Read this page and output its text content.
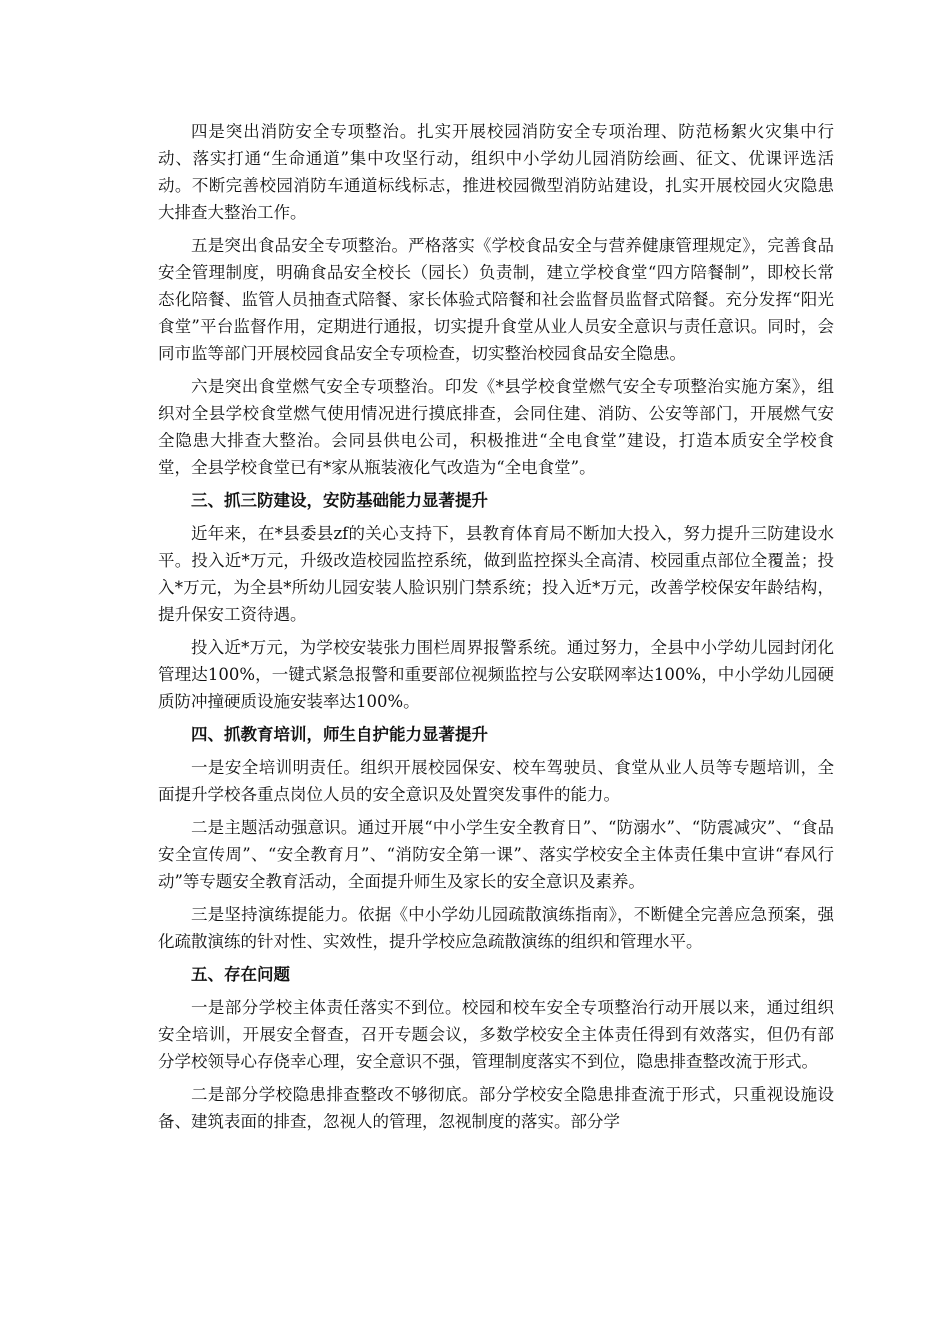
四是突出消防安全专项整治。扎实开展校园消防安全专项治理、防范杨絮火灾集中行动、落实打通“生命通道”集中攻坚行动，组织中小学幼儿园消防绘画、征文、优课评选活动。不断完善校园消防车通道标线标志，推进校园微型消防站建设，扎实开展校园火灾隐患大排查大整治工作。

五是突出食品安全专项整治。严格落实《学校食品安全与营养健康管理规定》，完善食品安全管理制度，明确食品安全校长（园长）负责制，建立学校食堂“四方陪餐制”，即校长常态化陪餐、监管人员抽查式陪餐、家长体验式陪餐和社会监督员监督式陪餐。充分发挥“阳光食堂”平台监督作用，定期进行通报，切实提升食堂从业人员安全意识与责任意识。同时，会同市监等部门开展校园食品安全专项检查，切实整治校园食品安全隐患。

六是突出食堂燃气安全专项整治。印发《*县学校食堂燃气安全专项整治实施方案》，组织对全县学校食堂燃气使用情况进行摸底排查，会同住建、消防、公安等部门，开展燃气安全隐患大排查大整治。会同县供电公司，积极推进“全电食堂”建设，打造本质安全学校食堂，全县学校食堂已有*家从瓶装液化气改造为“全电食堂”。

三、抓三防建设，安防基础能力显著提升

近年来，在*县委县zf的关心支持下，县教育体育局不断加大投入，努力提升三防建设水平。投入近*万元，升级改造校园监控系统，做到监控探头全高清、校园重点部位全覆盖；投入*万元，为全县*所幼儿园安装人脸识别门禁系统；投入近*万元，改善学校保安年龄结构，提升保安工资待遇。

投入近*万元，为学校安装张力围栏周界报警系统。通过努力，全县中小学幼儿园封闭化管理达100%，一键式紧急报警和重要部位视频监控与公安联网率达100%，中小学幼儿园硬质防冲撞硬质设施安装率达100%。

四、抓教育培训，师生自护能力显著提升

一是安全培训明责任。组织开展校园保安、校车驾驶员、食堂从业人员等专题培训，全面提升学校各重点岗位人员的安全意识及处置突发事件的能力。

二是主题活动强意识。通过开展“中小学生安全教育日”、“防溺水”、“防震减灾”、“食品安全宣传周”、“安全教育月”、“消防安全第一课”、落实学校安全主体责任集中宣讲“春风行动”等专题安全教育活动，全面提升师生及家长的安全意识及素养。

三是坚持演练提能力。依据《中小学幼儿园疏散演练指南》，不断健全完善应急预案，强化疏散演练的针对性、实效性，提升学校应急疏散演练的组织和管理水平。

五、存在问题

一是部分学校主体责任落实不到位。校园和校车安全专项整治行动开展以来，通过组织安全培训，开展安全督查，召开专题会议，多数学校安全主体责任得到有效落实，但仍有部分学校领导心存侥幸心理，安全意识不强，管理制度落实不到位，隐患排查整改流于形式。

二是部分学校隐患排查整改不够彻底。部分学校安全隐患排查流于形式，只重视设施设备、建筑表面的排查，忽视人的管理，忽视制度的落实。部分学
